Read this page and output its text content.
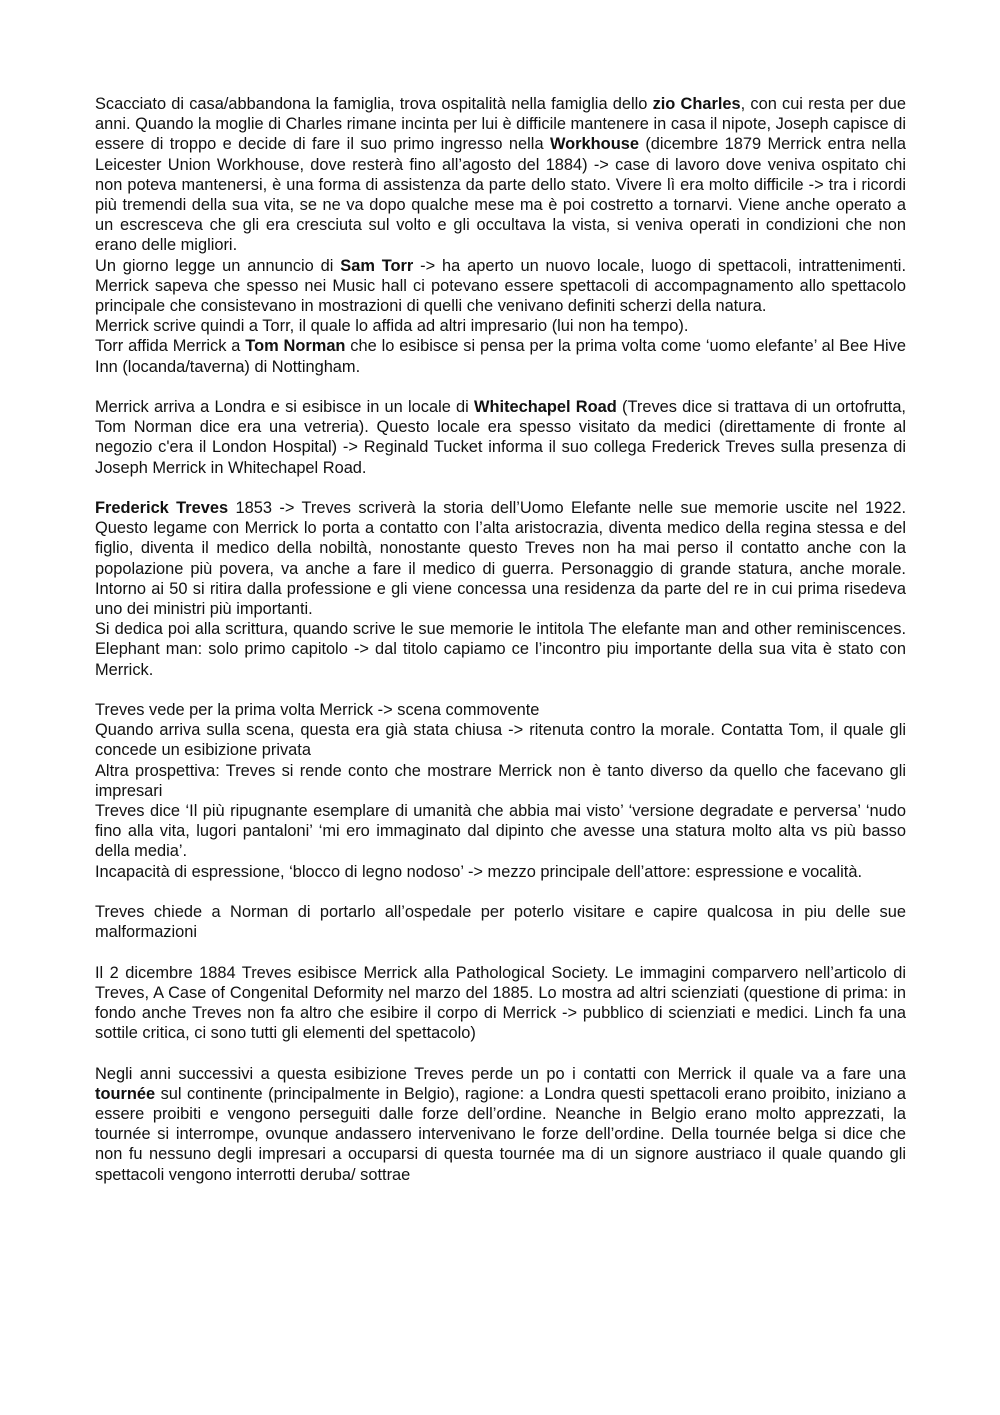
Scacciato di casa/abbandona la famiglia, trova ospitalità nella famiglia dello zio Charles, con cui resta per due anni. Quando la moglie di Charles rimane incinta per lui è difficile mantenere in casa il nipote, Joseph capisce di essere di troppo e decide di fare il suo primo ingresso nella Workhouse (dicembre 1879 Merrick entra nella Leicester Union Workhouse, dove resterà fino all’agosto del 1884) -> case di lavoro dove veniva ospitato chi non poteva mantenersi, è una forma di assistenza da parte dello stato. Vivere lì era molto difficile -> tra i ricordi più tremendi della sua vita, se ne va dopo qualche mese ma è poi costretto a tornarvi. Viene anche operato a un escresceva che gli era cresciuta sul volto e gli occultava la vista, si veniva operati in condizioni che non erano delle migliori.

Un giorno legge un annuncio di Sam Torr -> ha aperto un nuovo locale, luogo di spettacoli, intrattenimenti. Merrick sapeva che spesso nei Music hall ci potevano essere spettacoli di accompagnamento allo spettacolo principale che consistevano in mostrazioni di quelli che venivano definiti scherzi della natura.

Merrick scrive quindi a Torr, il quale lo affida ad altri impresario (lui non ha tempo).

Torr affida Merrick a Tom Norman che lo esibisce si pensa per la prima volta come ‘uomo elefante’ al Bee Hive Inn (locanda/taverna) di Nottingham.

Merrick arriva a Londra e si esibisce in un locale di Whitechapel Road (Treves dice si trattava di un ortofrutta, Tom Norman dice era una vetreria). Questo locale era spesso visitato da medici (direttamente di fronte al negozio c'era il London Hospital) -> Reginald Tucket informa il suo collega Frederick Treves sulla presenza di Joseph Merrick in Whitechapel Road.

Frederick Treves 1853 -> Treves scriverà la storia dell’Uomo Elefante nelle sue memorie uscite nel 1922. Questo legame con Merrick lo porta a contatto con l’alta aristocrazia, diventa medico della regina stessa e del figlio, diventa il medico della nobiltà, nonostante questo Treves non ha mai perso il contatto anche con la popolazione più povera, va anche a fare il medico di guerra. Personaggio di grande statura, anche morale. Intorno ai 50 si ritira dalla professione e gli viene concessa una residenza da parte del re in cui prima risedeva uno dei ministri più importanti.

Si dedica poi alla scrittura, quando scrive le sue memorie le intitola The elefante man and other reminiscences. Elephant man: solo primo capitolo -> dal titolo capiamo ce l’incontro piu importante della sua vita è stato con Merrick.

Treves vede per la prima volta Merrick -> scena commovente

Quando arriva sulla scena, questa era già stata chiusa -> ritenuta contro la morale. Contatta Tom, il quale gli concede un esibizione privata

Altra prospettiva: Treves si rende conto che mostrare Merrick non è tanto diverso da quello che facevano gli impresari

Treves dice ‘Il più ripugnante esemplare di umanità che abbia mai visto’ ‘versione degradate e perversa’ ‘nudo fino alla vita, lugori pantaloni’ ‘mi ero immaginato dal dipinto che avesse una statura molto alta vs più basso della media’.

Incapacità di espressione, ‘blocco di legno nodoso’ -> mezzo principale dell’attore: espressione e vocalità.

Treves chiede a Norman di portarlo all’ospedale per poterlo visitare e capire qualcosa in piu delle sue malformazioni

Il 2 dicembre 1884 Treves esibisce Merrick alla Pathological Society. Le immagini comparvero nell’articolo di Treves, A Case of Congenital Deformity nel marzo del 1885. Lo mostra ad altri scienziati (questione di prima: in fondo anche Treves non fa altro che esibire il corpo di Merrick -> pubblico di scienziati e medici. Linch fa una sottile critica, ci sono tutti gli elementi del spettacolo)

Negli anni successivi a questa esibizione Treves perde un po i contatti con Merrick il quale va a fare una tournée sul continente (principalmente in Belgio), ragione: a Londra questi spettacoli erano proibito, iniziano a essere proibiti e vengono perseguiti dalle forze dell’ordine. Neanche in Belgio erano molto apprezzati, la tournée si interrompe, ovunque andassero intervenivano le forze dell’ordine. Della tournée belga si dice che non fu nessuno degli impresari a occuparsi di questa tournée ma di un signore austriaco il quale quando gli spettacoli vengono interrotti deruba/ sottrae
